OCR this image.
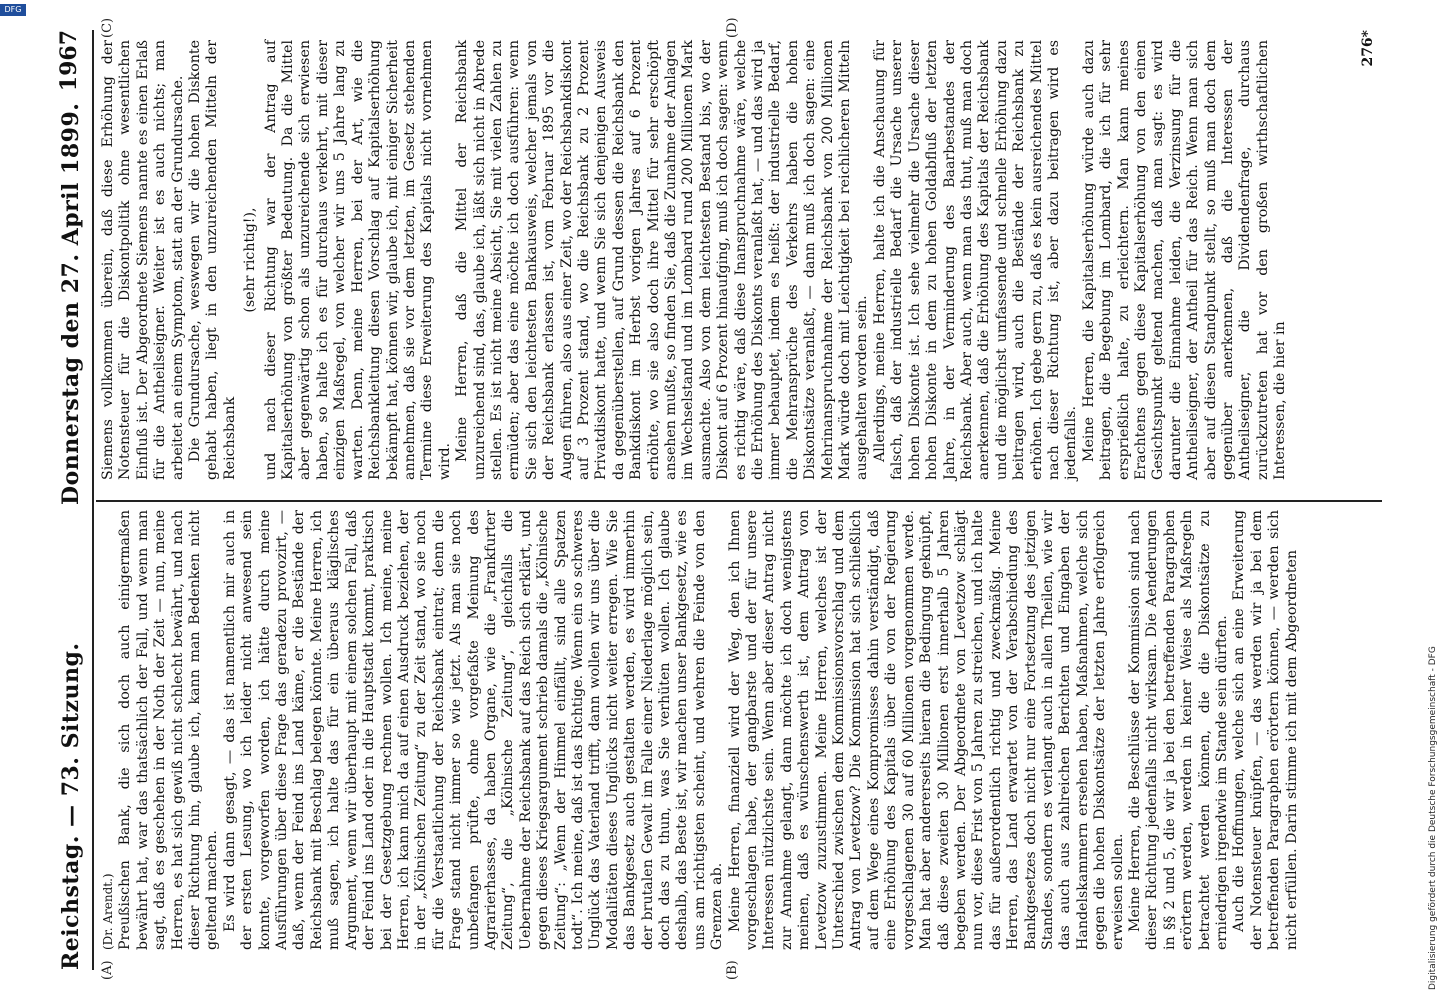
DFG
Digitalisierung gefördert durch die Deutsche Forschungsgemeinschaft - DFG
Reichstag. — 73. Sitzung.
Donnerstag den 27. April 1899.
1967
(A)	(B)
(C)	(D)

(Dr. Arendt.) Preußischen Bank, die sich doch auch einigermaßen bewährt hat, war das thatsächlich der Fall, und wenn man sagt, daß es geschehen in der Noth der Zeit — nun, meine Herren, es hat sich gewiß nicht schlecht bewährt, und nach dieser Richtung hin, glaube ich, kann man Bedenken nicht geltend machen. Es wird dann gesagt, — das ist namentlich mir auch in der ersten Lesung, wo ich leider nicht anwesend sein konnte, vorgeworfen worden, ich hätte durch meine Ausführungen über diese Frage das geradezu provozirt, — daß, wenn der Feind ins Land käme, er die Bestände der Reichsbank mit Beschlag belegen könnte. Meine Herren, ich muß sagen, ich halte das für ein überaus kläglisches Argument, wenn wir überhaupt mit einem solchen Fall, daß der Feind ins Land oder in die Hauptstadt kommt, praktisch bei der Gesetzgebung rechnen wollen. Ich meine, meine Herren, ich kann mich da auf einen Ausdruck beziehen, der in der „Kölnischen Zeitung“ zu der Zeit stand, wo sie noch für die Verstaatlichung der Reichsbank eintrat; denn die Frage stand nicht immer so wie jetzt. Als man sie noch unbefangen prüfte, ohne vorgefaßte Meinung des Agrarierhasses, da haben Organe, wie die „Frankfurter Zeitung“, die „Kölnische Zeitung“, gleichfalls die Uebernahme der Reichsbank auf das Reich sich erklärt, und gegen dieses Kriegsargument schrieb damals die „Kölnische Zeitung“: „Wenn der Himmel einfällt, sind alle Spatzen todt“. Ich meine, daß ist das Richtige. Wenn ein so schweres Unglück das Vaterland trifft, dann wollen wir uns über die Modalitäten dieses Unglücks nicht weiter erregen. Wie Sie das Bankgesetz auch gestalten werden, es wird immerhin der brutalen Gewalt im Falle einer Niederlage möglich sein, doch das zu thun, was Sie verhüten wollen. Ich glaube deshalb, das Beste ist, wir machen unser Bankgesetz, wie es uns am richtigsten scheint, und wehren die Feinde von den Grenzen ab. Meine Herren, finanziell wird der Weg, den ich Ihnen vorgeschlagen habe, der gangbarste und der für unsere Interessen nützlichste sein. Wenn aber dieser Antrag nicht zur Annahme gelangt, dann möchte ich doch wenigstens meinen, daß es wünschenswerth ist, dem Antrag von Levetzow zuzustimmen. Meine Herren, welches ist der Unterschied zwischen dem Kommissionsvorschlag und dem Antrag von Levetzow? Die Kommission hat sich schließlich auf dem Wege eines Kompromisses dahin verständigt, daß eine Erhöhung des Kapitals über die von der Regierung vorgeschlagenen 30 auf 60 Millionen vorgenommen werde. Man hat aber andererseits hieran die Bedingung geknüpft, daß diese zweiten 30 Millionen erst innerhalb 5 Jahren begeben werden. Der Abgeordnete von Levetzow schlägt nun vor, diese Frist von 5 Jahren zu streichen, und ich halte das für außerordentlich richtig und zweckmäßig. Meine Herren, das Land erwartet von der Verabschiedung des Bankgesetzes doch nicht nur eine Fortsetzung des jetzigen Standes, sondern es verlangt auch in allen Theilen, wie wir das auch aus zahlreichen Berichten und Eingaben der Handelskammern ersehen haben, Maßnahmen, welche sich gegen die hohen Diskontsätze der letzten Jahre erfolgreich erweisen sollen. Meine Herren, die Beschlüsse der Kommission sind nach dieser Richtung jedenfalls nicht wirksam. Die Aenderungen in §§ 2 und 5, die wir ja bei den betreffenden Paragraphen erörtern werden, werden in keiner Weise als Maßregeln betrachtet werden können, die die Diskontsätze zu erniedrigen irgendwie im Stande sein dürften. Auch die Hoffnungen, welche sich an eine Erweiterung der Notensteuer knüpfen, — das werden wir ja bei dem betreffenden Paragraphen erörtern können, — werden sich nicht erfüllen. Darin stimme ich mit dem Abgeordneten

Siemens vollkommen überein, daß diese Erhöhung der Notensteuer für die Diskontpolitik ohne wesentlichen Einfluß ist. Der Abgeordnete Siemens nannte es einen Erlaß für die Antheilseigner. Weiter ist es auch nichts; man arbeitet an einem Symptom, statt an der Grundursache. Die Grundursache, weswegen wir die hohen Diskonte gehabt haben, liegt in den unzureichenden Mitteln der Reichsbank

(sehr richtig!), und nach dieser Richtung war der Antrag auf Kapitalserhöhung von größter Bedeutung. Da die Mittel aber gegenwärtig schon als unzureichende sich erwiesen haben, so halte ich es für durchaus verkehrt, mit dieser einzigen Maßregel, von welcher wir uns 5 Jahre lang zu warten. Denn, meine Herren, bei der Art, wie die Reichsbankleitung diesen Vorschlag auf Kapitalserhöhung bekämpft hat, können wir, glaube ich, mit einiger Sicherheit annehmen, daß sie vor dem letzten, im Gesetz stehenden Termine diese Erweiterung des Kapitals nicht vornehmen wird. Meine Herren, daß die Mittel der Reichsbank unzureichend sind, das, glaube ich, läßt sich nicht in Abrede stellen. Es ist nicht meine Absicht, Sie mit vielen Zahlen zu ermüden; aber das eine möchte ich doch ausführen: wenn Sie sich den leichtesten Bankausweis, welcher jemals von der Reichsbank erlassen ist, vom Februar 1895 vor die Augen führen, also aus einer Zeit, wo der Reichsbankdiskont auf 3 Prozent stand, wo die Reichsbank zu 2 Prozent Privatdiskont hatte, und wenn Sie sich denjenigen Ausweis da gegenüberstellen, auf Grund dessen die Reichsbank den Bankdiskont im Herbst vorigen Jahres auf 6 Prozent erhöhte, wo sie also doch ihre Mittel für sehr erschöpft ansehen mußte, so finden Sie, daß die Zunahme der Anlagen im Wechselstand und im Lombard rund 200 Millionen Mark ausmachte. Also von dem leichtesten Bestand bis, wo der Diskont auf 6 Prozent hinaufging, muß ich doch sagen: wenn es richtig wäre, daß diese Inanspruchnahme wäre, welche die Erhöhung des Diskonts veranlaßt hat, — und das wird ja immer behauptet, indem es heißt: der industrielle Bedarf, die Mehransprüche des Verkehrs haben die hohen Diskontsätze veranlaßt, — dann muß ich doch sagen: eine Mehrinanspruchnahme der Reichsbank von 200 Millionen Mark würde doch mit Leichtigkeit bei reichlicheren Mitteln ausgehalten worden sein. Allerdings, meine Herren, halte ich die Anschauung für falsch, daß der industrielle Bedarf die Ursache unserer hohen Diskonte ist. Ich sehe vielmehr die Ursache dieser hohen Diskonte in dem zu hohen Goldabfluß der letzten Jahre, in der Verminderung des Baarbestandes der Reichsbank. Aber auch, wenn man das thut, muß man doch anerkennen, daß die Erhöhung des Kapitals der Reichsbank und die möglichst umfassende und schnelle Erhöhung dazu beitragen wird, auch die Bestände der Reichsbank zu erhöhen. Ich gebe gern zu, daß es kein ausreichendes Mittel nach dieser Richtung ist, aber dazu beitragen wird es jedenfalls. Meine Herren, die Kapitalserhöhung würde auch dazu beitragen, die Begebung im Lombard, die ich für sehr ersprießlich halte, zu erleichtern. Man kann meines Erachtens gegen diese Kapitalserhöhung von den einen Gesichtspunkt geltend machen, daß man sagt: es wird darunter die Einnahme leiden, die Verzinsung für die Antheilseigner, der Antheil für das Reich. Wenn man sich aber auf diesen Standpunkt stellt, so muß man doch dem gegenüber anerkennen, daß die Interessen der Antheilseigner, die Dividendenfrage, durchaus zurückzutreten hat vor den großen wirthschaftlichen Interessen, die hier in

276*
